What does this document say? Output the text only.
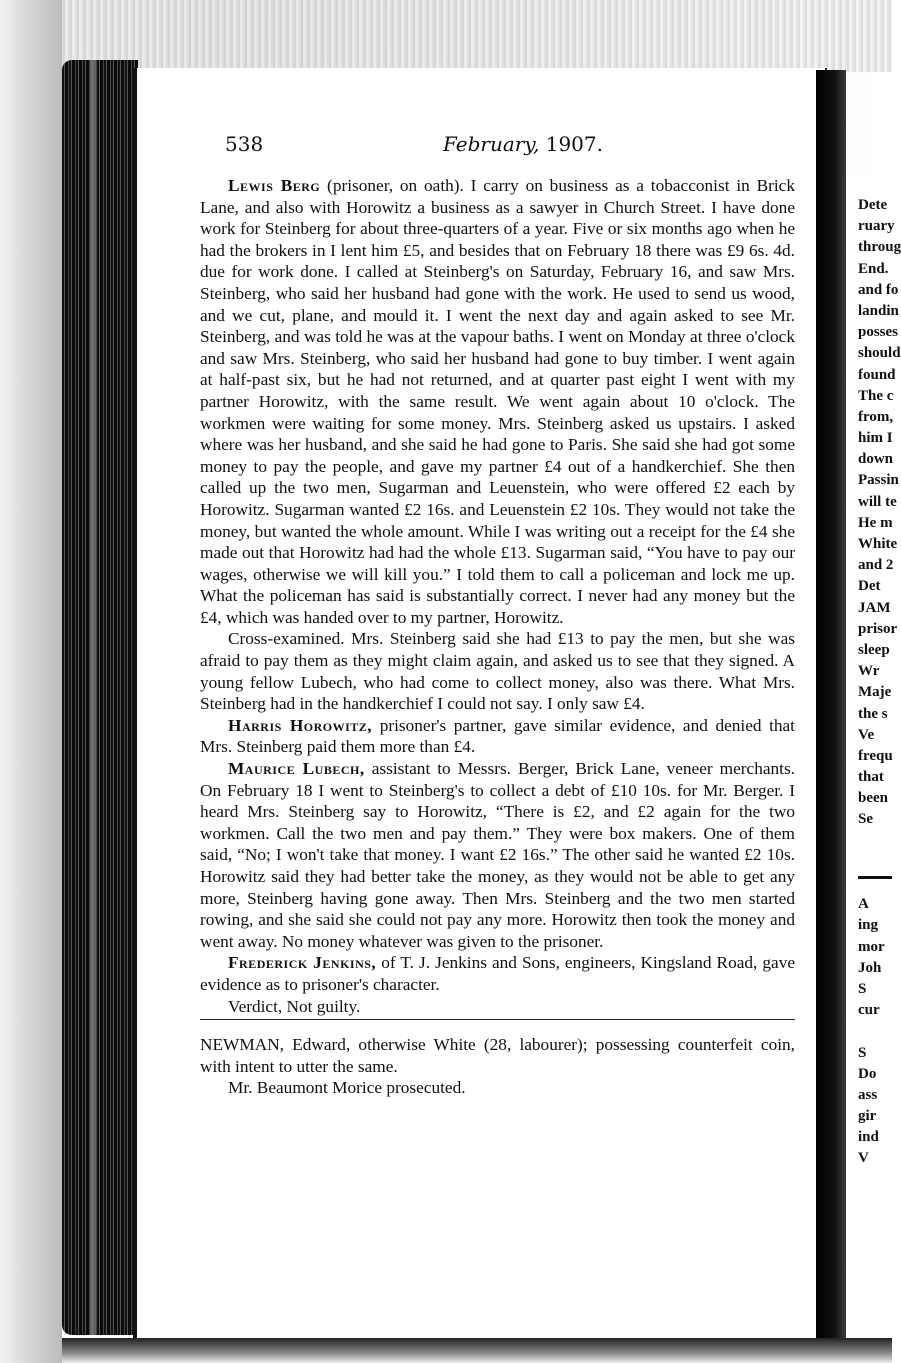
538	February, 1907.

Lewis Berg (prisoner, on oath). I carry on business as a tobacconist in Brick Lane, and also with Horowitz a business as a sawyer in Church Street. I have done work for Steinberg for about three-quarters of a year. Five or six months ago when he had the brokers in I lent him £5, and besides that on February 18 there was £9 6s. 4d. due for work done. I called at Steinberg's on Saturday, February 16, and saw Mrs. Steinberg, who said her husband had gone with the work. He used to send us wood, and we cut, plane, and mould it. I went the next day and again asked to see Mr. Steinberg, and was told he was at the vapour baths. I went on Monday at three o'clock and saw Mrs. Steinberg, who said her husband had gone to buy timber. I went again at half-past six, but he had not returned, and at quarter past eight I went with my partner Horowitz, with the same result. We went again about 10 o'clock. The workmen were waiting for some money. Mrs. Steinberg asked us upstairs. I asked where was her husband, and she said he had gone to Paris. She said she had got some money to pay the people, and gave my partner £4 out of a handkerchief. She then called up the two men, Sugarman and Leuenstein, who were offered £2 each by Horowitz. Sugarman wanted £2 16s. and Leuenstein £2 10s. They would not take the money, but wanted the whole amount. While I was writing out a receipt for the £4 she made out that Horowitz had had the whole £13. Sugarman said, “You have to pay our wages, otherwise we will kill you.” I told them to call a policeman and lock me up. What the policeman has said is substantially correct. I never had any money but the £4, which was handed over to my partner, Horowitz.

Cross-examined. Mrs. Steinberg said she had £13 to pay the men, but she was afraid to pay them as they might claim again, and asked us to see that they signed. A young fellow Lubech, who had come to collect money, also was there. What Mrs. Steinberg had in the handkerchief I could not say. I only saw £4.

Harris Horowitz, prisoner's partner, gave similar evidence, and denied that Mrs. Steinberg paid them more than £4.

Maurice Lubech, assistant to Messrs. Berger, Brick Lane, veneer merchants. On February 18 I went to Steinberg's to collect a debt of £10 10s. for Mr. Berger. I heard Mrs. Steinberg say to Horowitz, “There is £2, and £2 again for the two workmen. Call the two men and pay them.” They were box makers. One of them said, “No; I won't take that money. I want £2 16s.” The other said he wanted £2 10s. Horowitz said they had better take the money, as they would not be able to get any more, Steinberg having gone away. Then Mrs. Steinberg and the two men started rowing, and she said she could not pay any more. Horowitz then took the money and went away. No money whatever was given to the prisoner.

Frederick Jenkins, of T. J. Jenkins and Sons, engineers, Kingsland Road, gave evidence as to prisoner's character.

Verdict, Not guilty.

NEWMAN, Edward, otherwise White (28, labourer); possessing counterfeit coin, with intent to utter the same.

Mr. Beaumont Morice prosecuted.

Dete
ruary
throug
End.
and fo
landin
posses
should
found
The c
from,
him I
down
Passin
will te
He m
White
and 2
Det
JAM
prisor
sleep
Wr
Maje
the s
Ve
frequ
that
been
Se
A
ing
mor
Joh
S
cur
S
Do
ass
gir
ind
V
